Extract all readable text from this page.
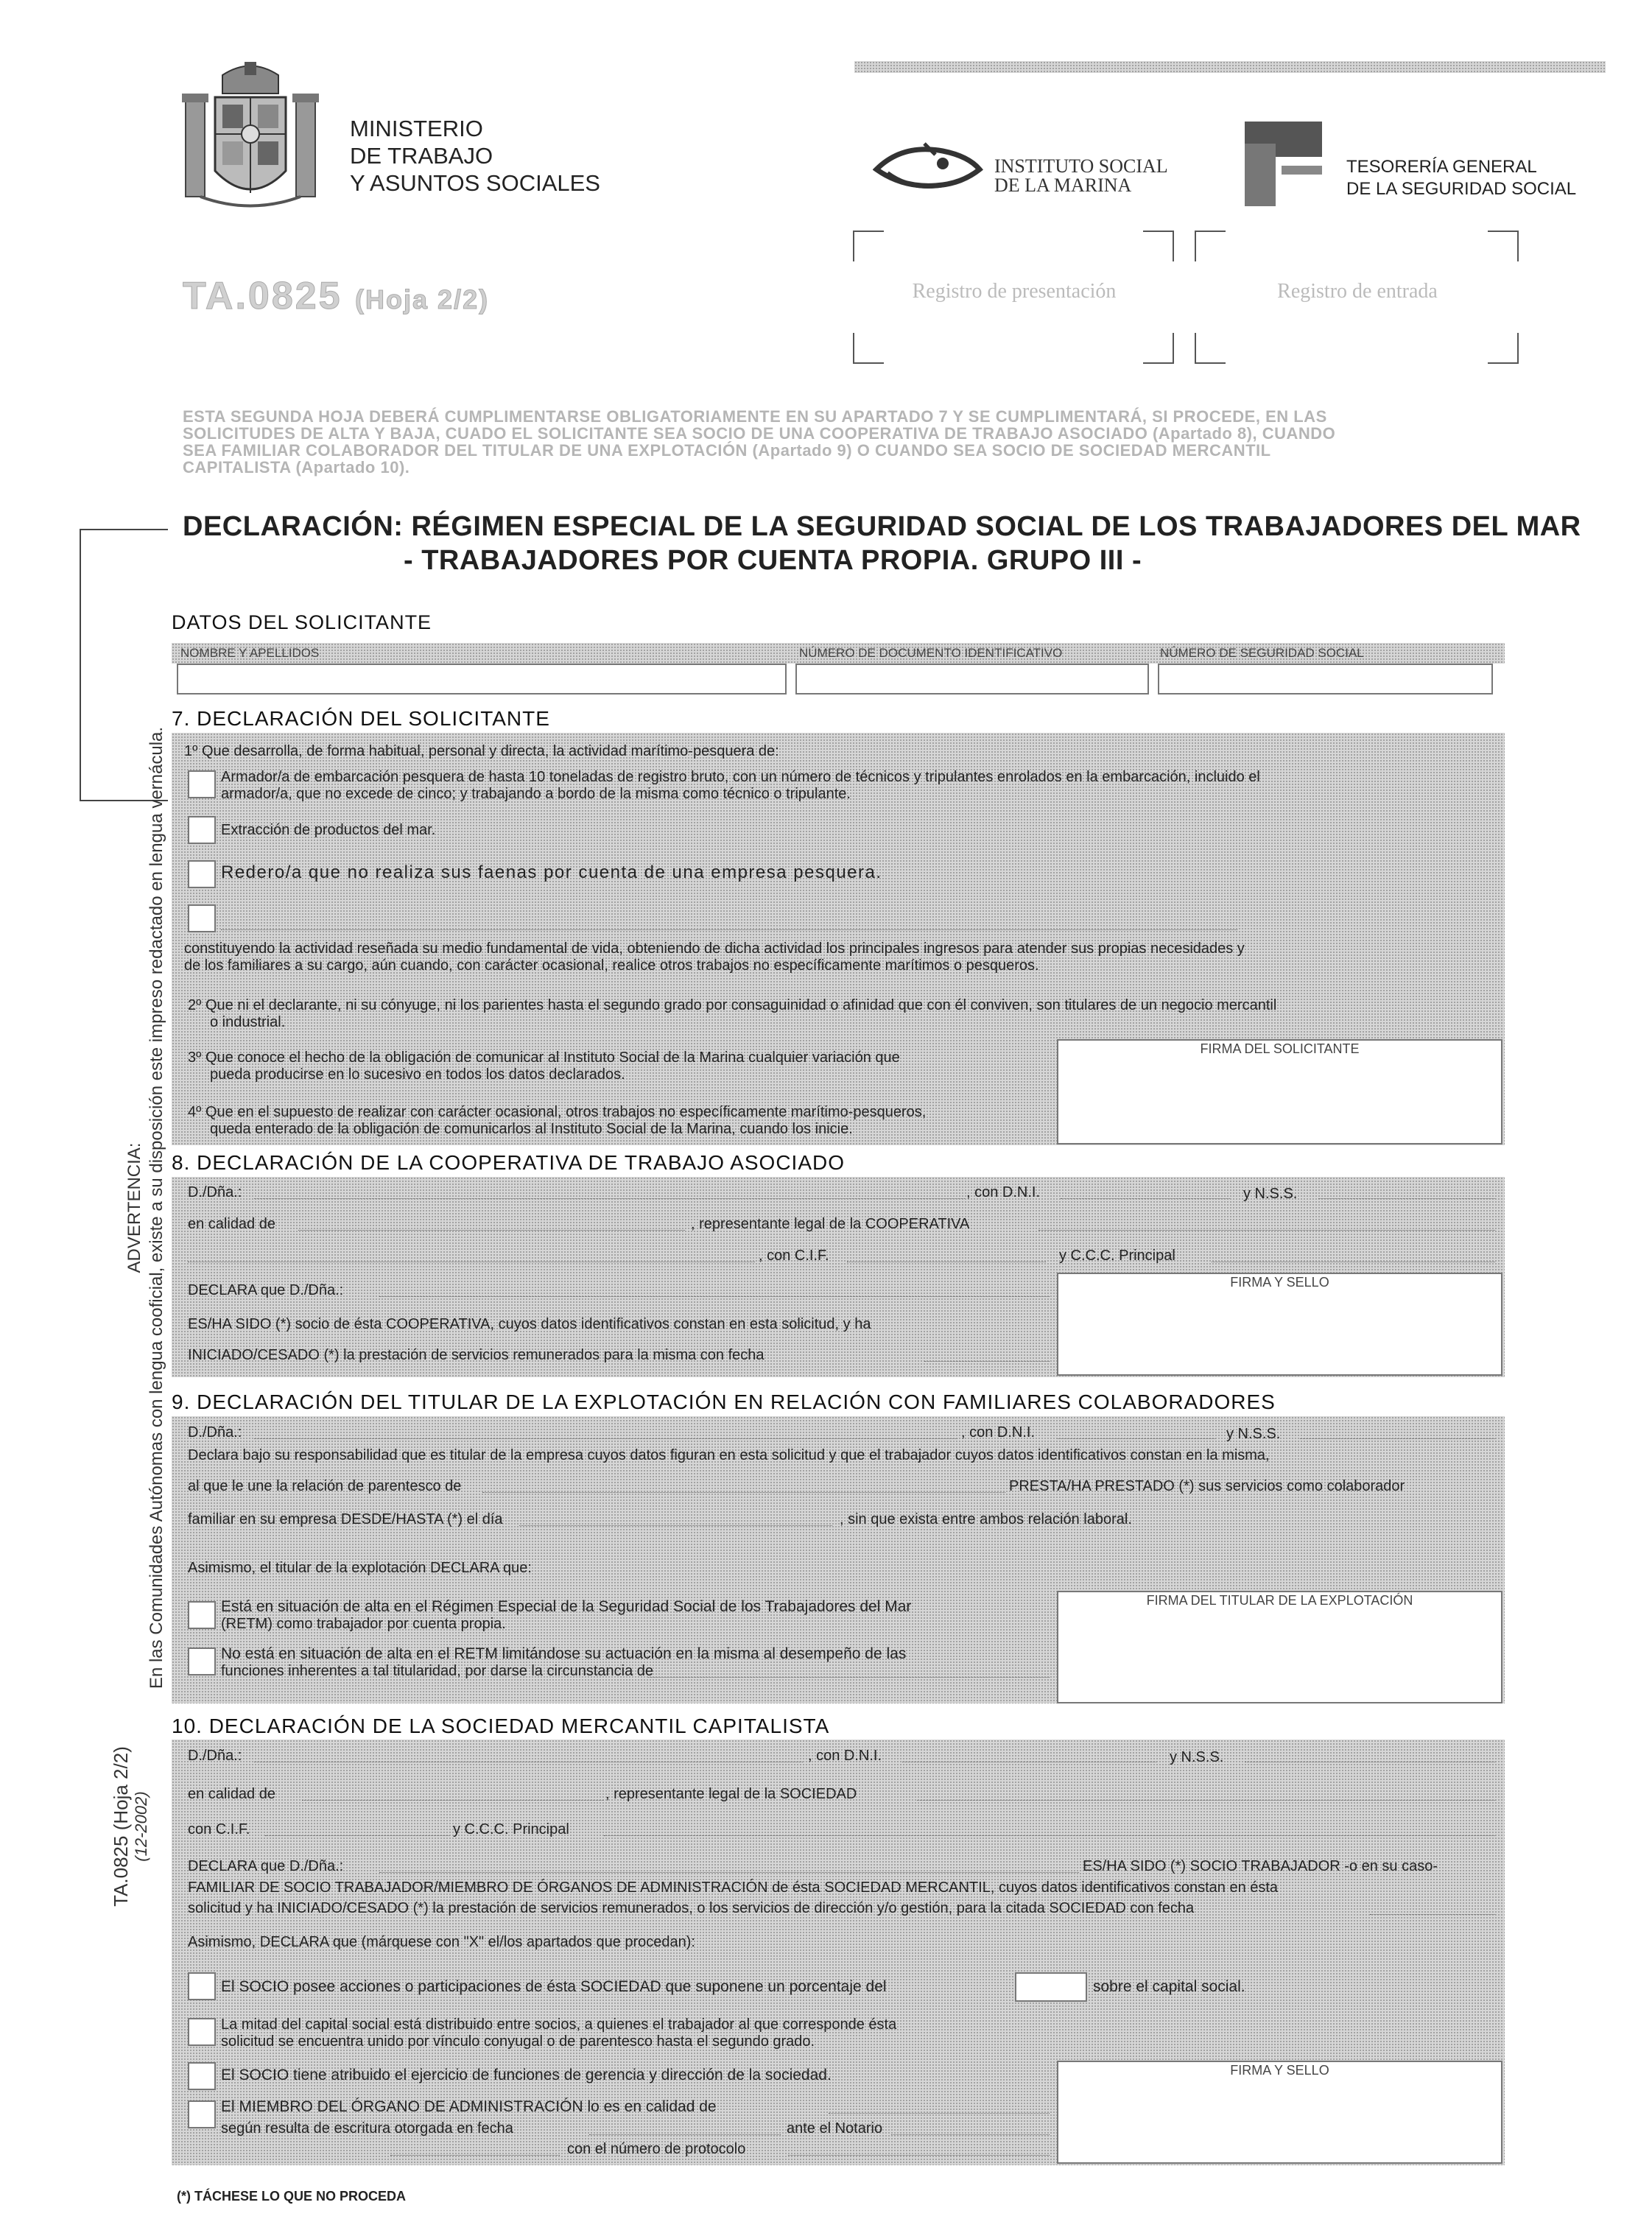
MINISTERIO
DE TRABAJO
Y ASUNTOS SOCIALES
INSTITUTO SOCIAL
DE LA MARINA
TESORERÍA GENERAL
DE LA SEGURIDAD SOCIAL
TA.0825 (Hoja 2/2)	Registro de presentación	Registro de entrada
ESTA SEGUNDA HOJA DEBERÁ CUMPLIMENTARSE OBLIGATORIAMENTE EN SU APARTADO 7 Y SE CUMPLIMENTARÁ, SI PROCEDE, EN LAS
SOLICITUDES DE ALTA Y BAJA, CUADO EL SOLICITANTE SEA SOCIO DE UNA COOPERATIVA DE TRABAJO ASOCIADO (Apartado 8), CUANDO
SEA FAMILIAR COLABORADOR DEL TITULAR DE UNA EXPLOTACIÓN (Apartado 9) O CUANDO SEA SOCIO DE SOCIEDAD MERCANTIL
CAPITALISTA (Apartado 10).
DECLARACIÓN: RÉGIMEN ESPECIAL DE LA SEGURIDAD SOCIAL DE LOS TRABAJADORES DEL MAR
- TRABAJADORES POR CUENTA PROPIA. GRUPO III -
ADVERTENCIA: En las Comunidades Autónomas con lengua cooficial, existe a su disposición este impreso redactado en lengua vernácula.
TA.0825 (Hoja 2/2) (12-2002)
DATOS DEL SOLICITANTE
NOMBRE Y APELLIDOS	NÚMERO DE DOCUMENTO IDENTIFICATIVO	NÚMERO DE SEGURIDAD SOCIAL
7. DECLARACIÓN DEL SOLICITANTE
1º Que desarrolla, de forma habitual, personal y directa, la actividad marítimo-pesquera de:
Armador/a de embarcación pesquera de hasta 10 toneladas de registro bruto, con un número de técnicos y tripulantes enrolados en la embarcación, incluido el
armador/a, que no excede de cinco; y trabajando a bordo de la misma como técnico o tripulante.
Extracción de productos del mar.
Redero/a que no realiza sus faenas por cuenta de una empresa pesquera.
constituyendo la actividad reseñada su medio fundamental de vida, obteniendo de dicha actividad los principales ingresos para atender sus propias necesidades y
de los familiares a su cargo, aún cuando, con carácter ocasional, realice otros trabajos no específicamente marítimos o pesqueros.
2º Que ni el declarante, ni su cónyuge, ni los parientes hasta el segundo grado por consaguinidad o afinidad que con él conviven, son titulares de un negocio mercantil
o industrial.
3º Que conoce el hecho de la obligación de comunicar al Instituto Social de la Marina cualquier variación que
pueda producirse en lo sucesivo en todos los datos declarados.
4º Que en el supuesto de realizar con carácter ocasional, otros trabajos no específicamente marítimo-pesqueros,
queda enterado de la obligación de comunicarlos al Instituto Social de la Marina, cuando los inicie.
FIRMA DEL SOLICITANTE
8. DECLARACIÓN DE LA COOPERATIVA DE TRABAJO ASOCIADO
D./Dña.:	, con D.N.I.	y N.S.S.
en calidad de	, representante legal de la COOPERATIVA
, con C.I.F.	y C.C.C. Principal
DECLARA que D./Dña.:
ES/HA SIDO (*) socio de ésta COOPERATIVA, cuyos datos identificativos constan en esta solicitud, y ha
INICIADO/CESADO (*) la prestación de servicios remunerados para la misma con fecha
FIRMA Y SELLO
9. DECLARACIÓN DEL TITULAR DE LA EXPLOTACIÓN EN RELACIÓN CON FAMILIARES COLABORADORES
D./Dña.:	, con D.N.I.	y N.S.S.
Declara bajo su responsabilidad que es titular de la empresa cuyos datos figuran en esta solicitud y que el trabajador cuyos datos identificativos constan en la misma,
al que le une la relación de parentesco de	PRESTA/HA PRESTADO (*) sus servicios como colaborador
familiar en su empresa DESDE/HASTA (*) el día	, sin que exista entre ambos relación laboral.
Asimismo, el titular de la explotación DECLARA que:
Está en situación de alta en el Régimen Especial de la Seguridad Social de los Trabajadores del Mar
(RETM) como trabajador por cuenta propia.
No está en situación de alta en el RETM limitándose su actuación en la misma al desempeño de las
funciones inherentes a tal titularidad, por darse la circunstancia de
FIRMA DEL TITULAR DE LA EXPLOTACIÓN
10. DECLARACIÓN DE LA SOCIEDAD MERCANTIL CAPITALISTA
D./Dña.:	, con D.N.I.	y N.S.S.
en calidad de	, representante legal de la SOCIEDAD
con C.I.F.	y C.C.C. Principal
DECLARA que D./Dña.:	ES/HA SIDO (*) SOCIO TRABAJADOR -o en su caso-
FAMILIAR DE SOCIO TRABAJADOR/MIEMBRO DE ÓRGANOS DE ADMINISTRACIÓN de ésta SOCIEDAD MERCANTIL, cuyos datos identificativos constan en ésta
solicitud y ha INICIADO/CESADO (*) la prestación de servicios remunerados, o los servicios de dirección y/o gestión, para la citada SOCIEDAD con fecha
Asimismo, DECLARA que (márquese con "X" el/los apartados que procedan):
El SOCIO posee acciones o participaciones de ésta SOCIEDAD que suponene un porcentaje del	sobre el capital social.
La mitad del capital social está distribuido entre socios, a quienes el trabajador al que corresponde ésta
solicitud se encuentra unido por vínculo conyugal o de parentesco hasta el segundo grado.
El SOCIO tiene atribuido el ejercicio de funciones de gerencia y dirección de la sociedad.
El MIEMBRO DEL ÓRGANO DE ADMINISTRACIÓN lo es en calidad de
según resulta de escritura otorgada en fecha	ante el Notario
con el número de protocolo
FIRMA Y SELLO
(*) TÁCHESE LO QUE NO PROCEDA
